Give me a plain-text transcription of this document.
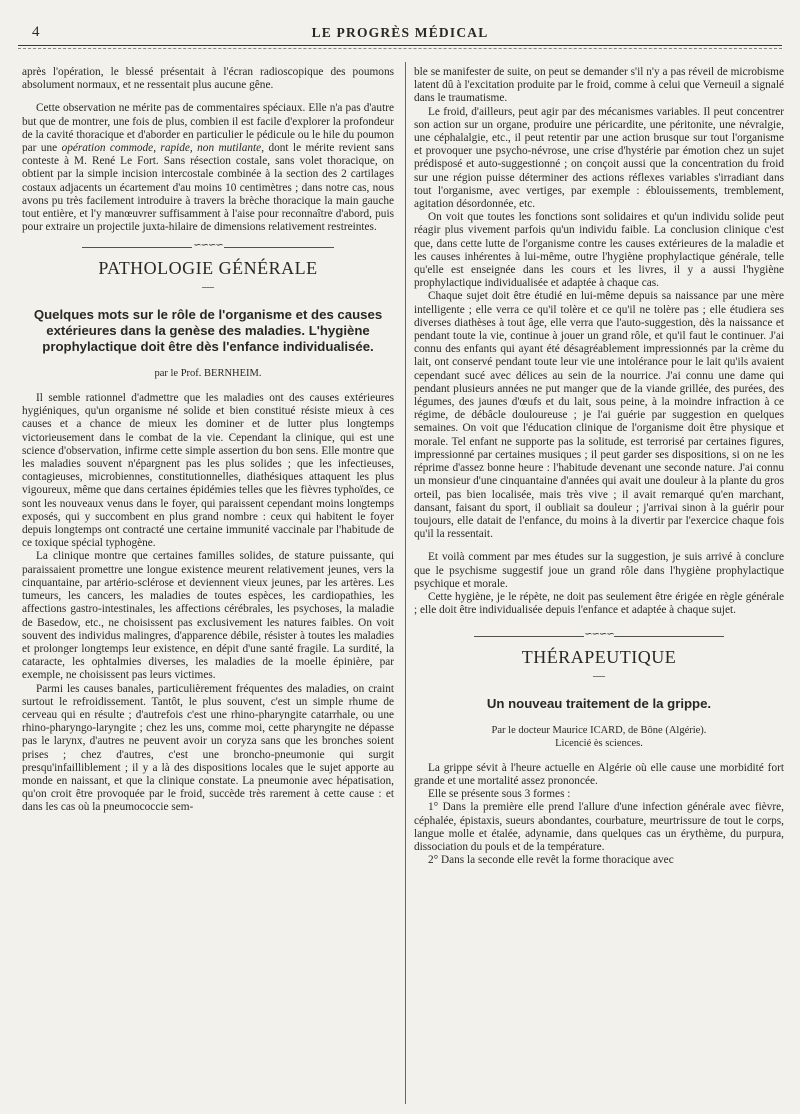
4	LE PROGRÈS MÉDICAL

après l'opération, le blessé présentait à l'écran radioscopique des poumons absolument normaux, et ne ressentait plus aucune gêne.

Cette observation ne mérite pas de commentaires spéciaux. Elle n'a pas d'autre but que de montrer, une fois de plus, combien il est facile d'explorer la profondeur de la cavité thoracique et d'aborder en particulier le pédicule ou le hile du poumon par une opération commode, rapide, non mutilante, dont le mérite revient sans conteste à M. René Le Fort. Sans résection costale, sans volet thoracique, on obtient par la simple incision intercostale combinée à la section des 2 cartilages costaux adjacents un écartement d'au moins 10 centimètres ; dans notre cas, nous avons pu très facilement introduire à travers la brèche thoracique la main gauche tout entière, et l'y manœuvrer suffisamment à l'aise pour reconnaître d'abord, puis pour extraire un projectile juxta-hilaire de dimensions relativement restreintes.

∽∽∽∽
PATHOLOGIE GÉNÉRALE
—
Quelques mots sur le rôle de l'organisme et des causes extérieures dans la genèse des maladies. L'hygiène prophylactique doit être dès l'enfance individualisée.
par le Prof. BERNHEIM.

Il semble rationnel d'admettre que les maladies ont des causes extérieures hygiéniques, qu'un organisme né solide et bien constitué résiste mieux à ces causes et a chance de mieux les dominer et de lutter plus longtemps victorieusement dans le combat de la vie. Cependant la clinique, qui est une science d'observation, infirme cette simple assertion du bon sens. Elle montre que les maladies souvent n'épargnent pas les plus solides ; que les infectieuses, contagieuses, microbiennes, constitutionnelles, diathésiques attaquent les plus vigoureux, même que dans certaines épidémies telles que les fièvres typhoïdes, ce sont les nouveaux venus dans le foyer, qui paraissent cependant moins longtemps exposés, qui y succombent en plus grand nombre : ceux qui habitent le foyer depuis longtemps ont contracté une certaine immunité vaccinale par l'habitude de ce toxique spécial typhogène.

La clinique montre que certaines familles solides, de stature puissante, qui paraissaient promettre une longue existence meurent relativement jeunes, vers la cinquantaine, par artério-sclérose et deviennent vieux jeunes, par les artères. Les tumeurs, les cancers, les maladies de toutes espèces, les cardiopathies, les affections gastro-intestinales, les affections cérébrales, les psychoses, la maladie de Basedow, etc., ne choisissent pas exclusivement les natures faibles. On voit souvent des individus malingres, d'apparence débile, résister à toutes les maladies et prolonger longtemps leur existence, en dépit d'une santé fragile. La surdité, la cataracte, les ophtalmies diverses, les maladies de la moelle épinière, par exemple, ne choisissent pas leurs victimes.

Parmi les causes banales, particulièrement fréquentes des maladies, on craint surtout le refroidissement. Tantôt, le plus souvent, c'est un simple rhume de cerveau qui en résulte ; d'autrefois c'est une rhino-pharyngite catarrhale, ou une rhino-pharyngo-laryngite ; chez les uns, comme moi, cette pharyngite ne dépasse pas le larynx, d'autres ne peuvent avoir un coryza sans que les bronches soient prises ; chez d'autres, c'est une broncho-pneumonie qui surgit presqu'infailliblement ; il y a là des dispositions locales que le sujet apporte au monde en naissant, et que la clinique constate. La pneumonie avec hépatisation, qu'on croit être provoquée par le froid, succède très rarement à cette cause : et dans les cas où la pneumococcie sem-

ble se manifester de suite, on peut se demander s'il n'y a pas réveil de microbisme latent dû à l'excitation produite par le froid, comme à celui que Verneuil a signalé dans le traumatisme.

Le froid, d'ailleurs, peut agir par des mécanismes variables. Il peut concentrer son action sur un organe, produire une péricardite, une péritonite, une névralgie, une céphalalgie, etc., il peut retentir par une action brusque sur tout l'organisme et provoquer une psycho-névrose, une crise d'hystérie par émotion chez un sujet prédisposé et auto-suggestionné ; on conçoit aussi que la concentration du froid sur une région puisse déterminer des actions réflexes variables s'irradiant dans tout l'organisme, avec vertiges, par exemple : éblouissements, tremblement, agitation désordonnée, etc.

On voit que toutes les fonctions sont solidaires et qu'un individu solide peut réagir plus vivement parfois qu'un individu faible. La conclusion clinique c'est que, dans cette lutte de l'organisme contre les causes extérieures de la maladie et les causes inhérentes à lui-même, outre l'hygiène prophylactique générale, telle qu'elle est enseignée dans les cours et les livres, il y a aussi l'hygiène prophylactique individualisée et adaptée à chaque cas.

Chaque sujet doit être étudié en lui-même depuis sa naissance par une mère intelligente ; elle verra ce qu'il tolère et ce qu'il ne tolère pas ; elle étudiera ses diverses diathèses à tout âge, elle verra que l'auto-suggestion, dès la naissance et pendant toute la vie, continue à jouer un grand rôle, et qu'il faut le continuer. J'ai connu des enfants qui ayant été désagréablement impressionnés par la crème du lait, ont conservé pendant toute leur vie une intolérance pour le lait qu'ils avaient cependant sucé avec délices au sein de la nourrice. J'ai connu une dame qui pendant plusieurs années ne put manger que de la viande grillée, des purées, des légumes, des jaunes d'œufs et du lait, sous peine, à la moindre infraction à ce régime, de débâcle douloureuse ; je l'ai guérie par suggestion en quelques semaines. On voit que l'éducation clinique de l'organisme doit être physique et morale. Tel enfant ne supporte pas la solitude, est terrorisé par certaines figures, impressionné par certaines musiques ; il peut garder ses dispositions, si on ne les réprime d'assez bonne heure : l'habitude devenant une seconde nature. J'ai connu un monsieur d'une cinquantaine d'années qui avait une douleur à la plante du gros orteil, pas bien localisée, mais très vive ; il avait remarqué qu'en marchant, dansant, faisant du sport, il oubliait sa douleur ; j'arrivai sinon à la guérir pour toujours, elle datait de l'enfance, du moins à la divertir par l'exercice chaque fois qu'il la ressentait.

Et voilà comment par mes études sur la suggestion, je suis arrivé à conclure que le psychisme suggestif joue un grand rôle dans l'hygiène prophylactique psychique et morale.

Cette hygiène, je le répète, ne doit pas seulement être érigée en règle générale ; elle doit être individualisée depuis l'enfance et adaptée à chaque sujet.

∽∽∽∽
THÉRAPEUTIQUE
—
Un nouveau traitement de la grippe.
Par le docteur Maurice ICARD, de Bône (Algérie).
Licencié ès sciences.

La grippe sévit à l'heure actuelle en Algérie où elle cause une morbidité fort grande et une mortalité assez prononcée.

Elle se présente sous 3 formes :

1° Dans la première elle prend l'allure d'une infection générale avec fièvre, céphalée, épistaxis, sueurs abondantes, courbature, meurtrissure de tout le corps, langue molle et étalée, adynamie, dans quelques cas un érythème, du purpura, dissociation du pouls et de la température.

2° Dans la seconde elle revêt la forme thoracique avec
